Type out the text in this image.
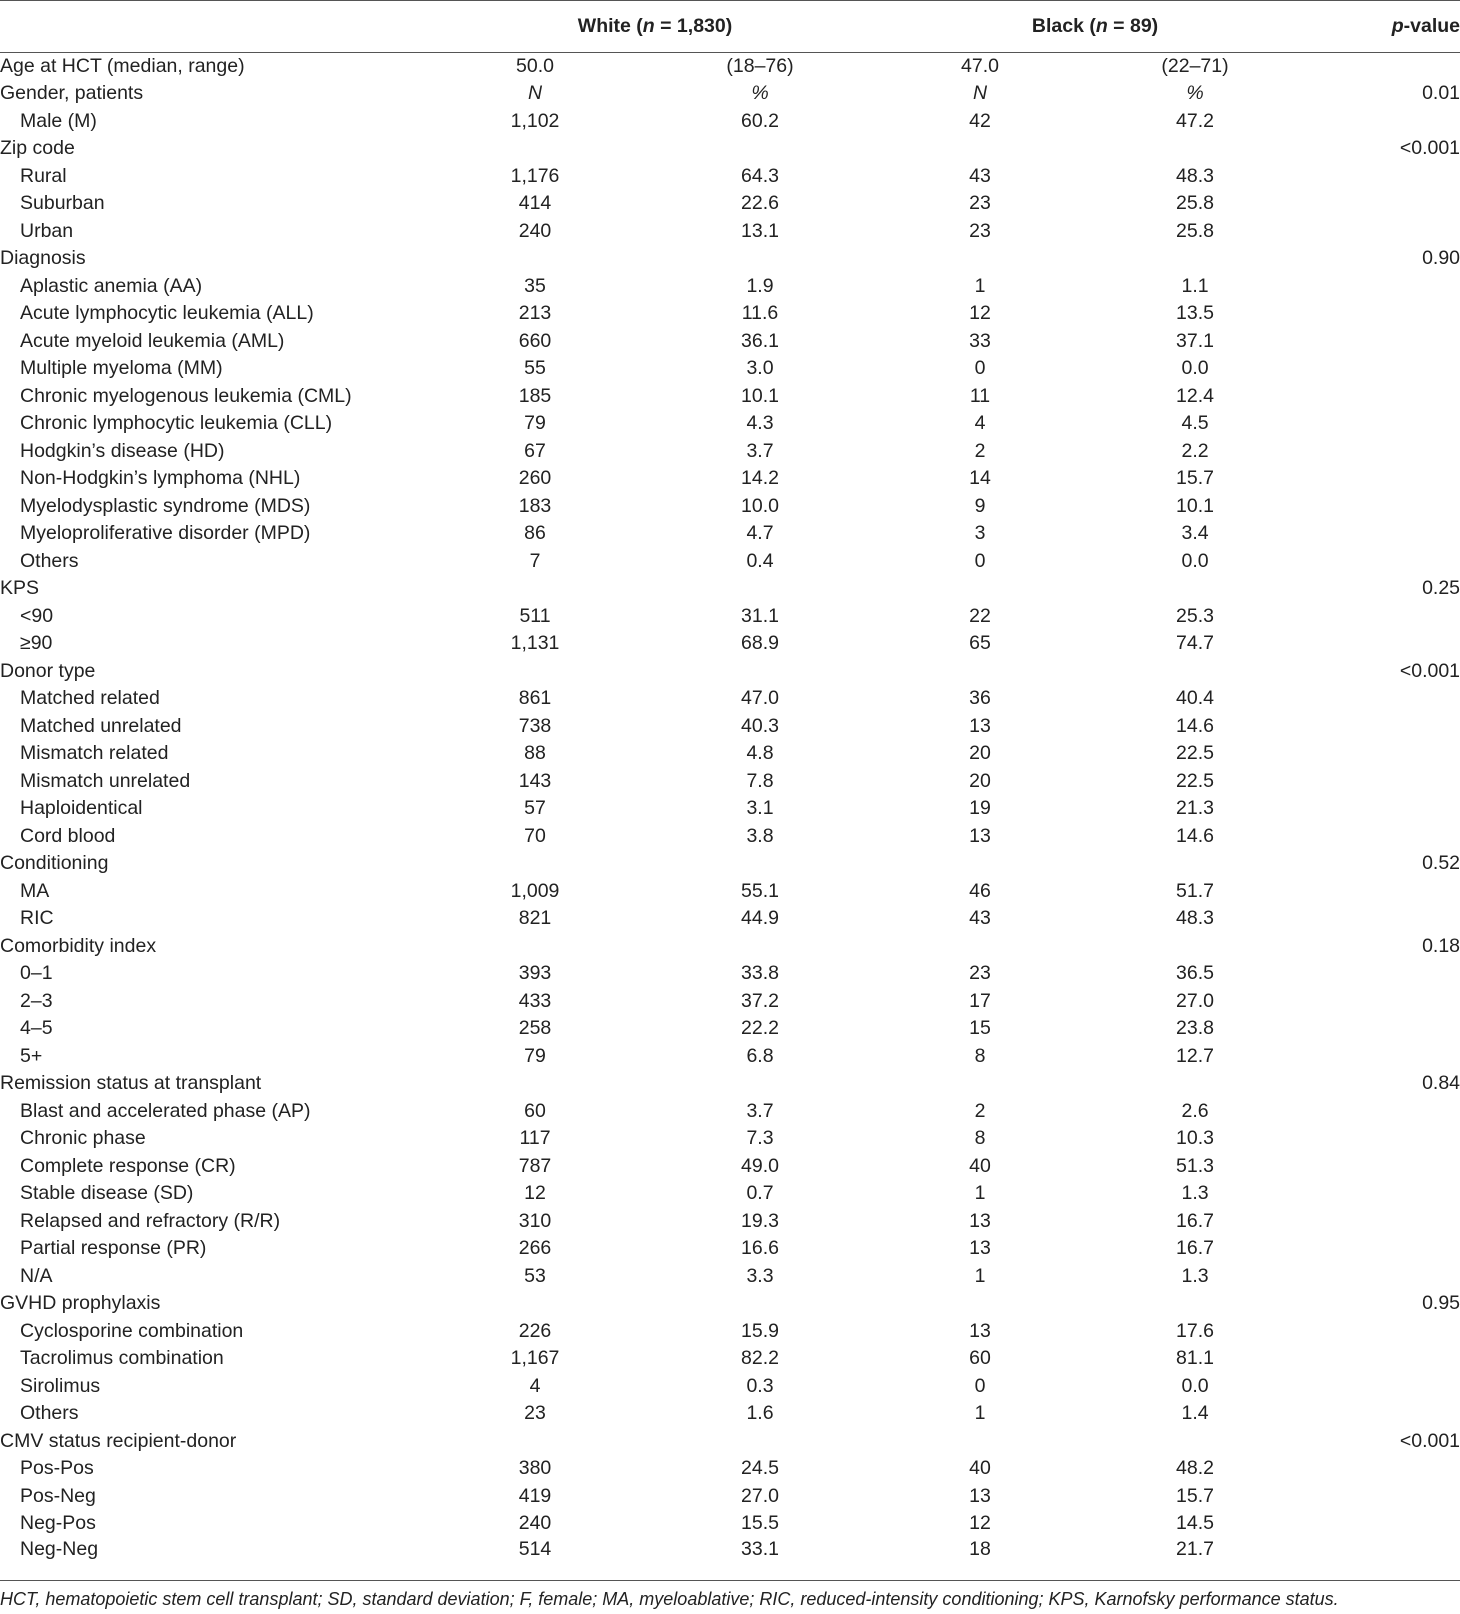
	White (n = 1,830)		Black (n = 89)		p-value
Age at HCT (median, range)	50.0	(18–76)	47.0	(22–71)	
Gender, patients	N	%	N	%	0.01
Male (M)	1,102	60.2	42	47.2	
Zip code					<0.001
Rural	1,176	64.3	43	48.3	
Suburban	414	22.6	23	25.8	
Urban	240	13.1	23	25.8	
Diagnosis					0.90
Aplastic anemia (AA)	35	1.9	1	1.1	
Acute lymphocytic leukemia (ALL)	213	11.6	12	13.5	
Acute myeloid leukemia (AML)	660	36.1	33	37.1	
Multiple myeloma (MM)	55	3.0	0	0.0	
Chronic myelogenous leukemia (CML)	185	10.1	11	12.4	
Chronic lymphocytic leukemia (CLL)	79	4.3	4	4.5	
Hodgkin’s disease (HD)	67	3.7	2	2.2	
Non-Hodgkin’s lymphoma (NHL)	260	14.2	14	15.7	
Myelodysplastic syndrome (MDS)	183	10.0	9	10.1	
Myeloproliferative disorder (MPD)	86	4.7	3	3.4	
Others	7	0.4	0	0.0	
KPS					0.25
<90	511	31.1	22	25.3	
≥90	1,131	68.9	65	74.7	
Donor type					<0.001
Matched related	861	47.0	36	40.4	
Matched unrelated	738	40.3	13	14.6	
Mismatch related	88	4.8	20	22.5	
Mismatch unrelated	143	7.8	20	22.5	
Haploidentical	57	3.1	19	21.3	
Cord blood	70	3.8	13	14.6	
Conditioning					0.52
MA	1,009	55.1	46	51.7	
RIC	821	44.9	43	48.3	
Comorbidity index					0.18
0–1	393	33.8	23	36.5	
2–3	433	37.2	17	27.0	
4–5	258	22.2	15	23.8	
5+	79	6.8	8	12.7	
Remission status at transplant					0.84
Blast and accelerated phase (AP)	60	3.7	2	2.6	
Chronic phase	117	7.3	8	10.3	
Complete response (CR)	787	49.0	40	51.3	
Stable disease (SD)	12	0.7	1	1.3	
Relapsed and refractory (R/R)	310	19.3	13	16.7	
Partial response (PR)	266	16.6	13	16.7	
N/A	53	3.3	1	1.3	
GVHD prophylaxis					0.95
Cyclosporine combination	226	15.9	13	17.6	
Tacrolimus combination	1,167	82.2	60	81.1	
Sirolimus	4	0.3	0	0.0	
Others	23	1.6	1	1.4	
CMV status recipient-donor					<0.001
Pos-Pos	380	24.5	40	48.2	
Pos-Neg	419	27.0	13	15.7	
Neg-Pos	240	15.5	12	14.5	
Neg-Neg	514	33.1	18	21.7	
HCT, hematopoietic stem cell transplant; SD, standard deviation; F, female; MA, myeloablative; RIC, reduced-intensity conditioning; KPS, Karnofsky performance status.
